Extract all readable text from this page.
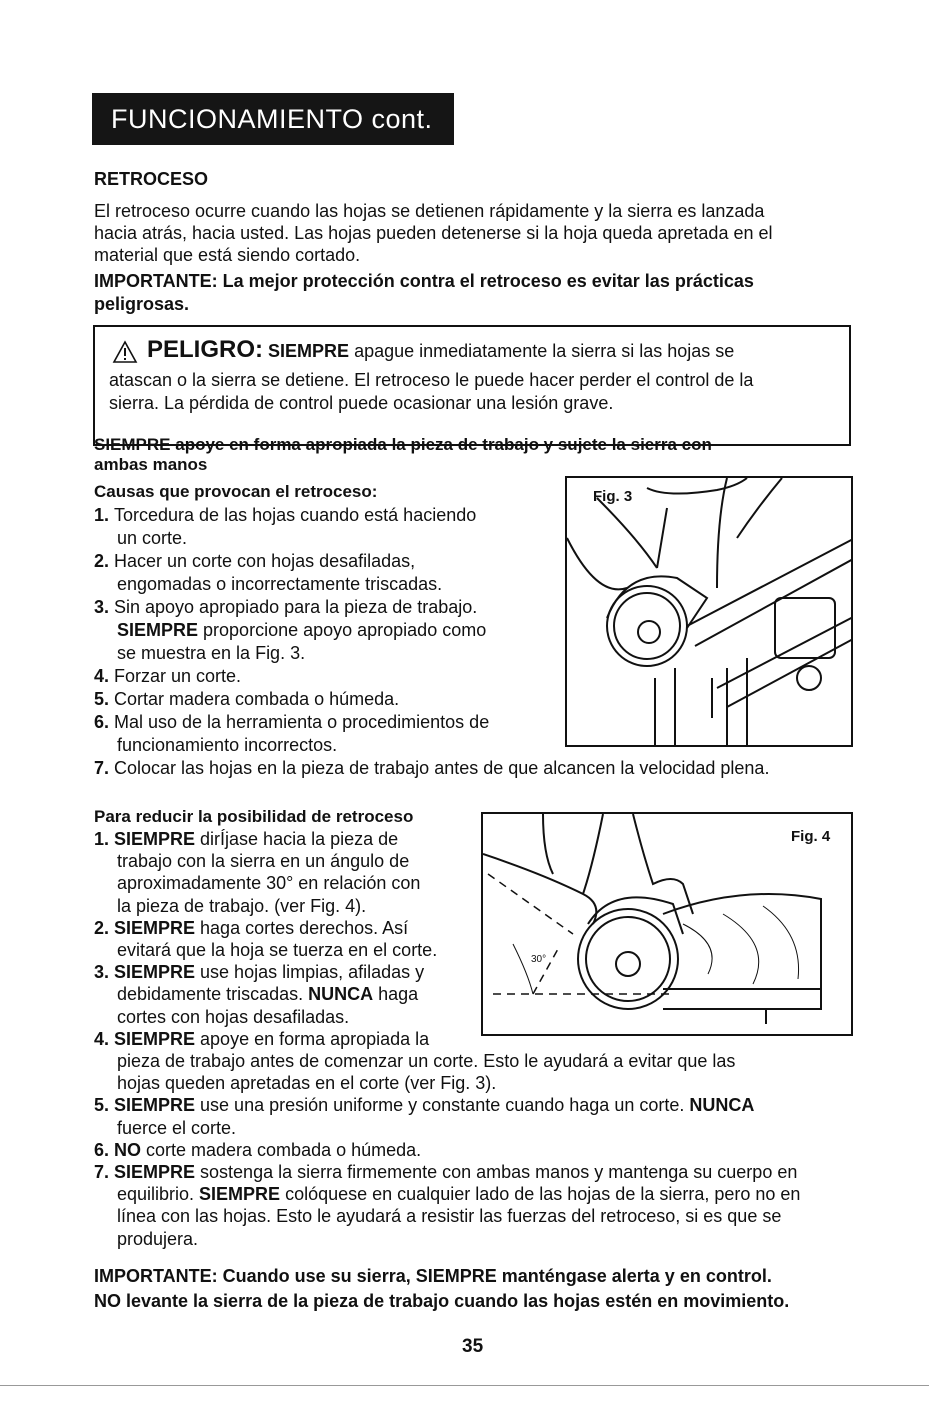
FUNCIONAMIENTO cont.
RETROCESO
El retroceso ocurre cuando las hojas se detienen rápidamente y la sierra es lanzada
hacia atrás, hacia usted. Las hojas pueden detenerse si la hoja queda apretada en el
material que está siendo cortado.
IMPORTANTE: La mejor protección contra el retroceso es evitar las prácticas
peligrosas.
PELIGRO: SIEMPRE apague inmediatamente la sierra si las hojas se
atascan o la sierra se detiene. El retroceso le puede hacer perder el control de la
sierra. La pérdida de control puede ocasionar una lesión grave.
SIEMPRE apoye en forma apropiada la pieza de trabajo y sujete la sierra con
ambas manos
Causas que provocan el retroceso:
1. Torcedura de las hojas cuando está haciendo
un corte.
2. Hacer un corte con hojas desafiladas,
engomadas o incorrectamente triscadas.
3. Sin apoyo apropiado para la pieza de trabajo.
SIEMPRE proporcione apoyo apropiado como
se muestra en la Fig. 3.
4. Forzar un corte.
5. Cortar madera combada o húmeda.
6. Mal uso de la herramienta o procedimientos de
funcionamiento incorrectos.
7. Colocar las hojas en la pieza de trabajo antes de que alcancen la velocidad plena.
Fig. 3
Para reducir la posibilidad de retroceso
1. SIEMPRE dirÍjase hacia la pieza de
trabajo con la sierra en un ángulo de
aproximadamente 30° en relación con
la pieza de trabajo. (ver Fig. 4).
2. SIEMPRE haga cortes derechos. Así
evitará que la hoja se tuerza en el corte.
3. SIEMPRE use hojas limpias, afiladas y
debidamente triscadas. NUNCA haga
cortes con hojas desafiladas.
4. SIEMPRE apoye en forma apropiada la
pieza de trabajo antes de comenzar un corte. Esto le ayudará a evitar que las
hojas queden apretadas en el corte (ver Fig. 3).
5. SIEMPRE use una presión uniforme y constante cuando haga un corte. NUNCA
fuerce el corte.
6. NO corte madera combada o húmeda.
7. SIEMPRE sostenga la sierra firmemente con ambas manos y mantenga su cuerpo en
equilibrio. SIEMPRE colóquese en cualquier lado de las hojas de la sierra, pero no en
línea con las hojas. Esto le ayudará a resistir las fuerzas del retroceso, si es que se
produjera.
Fig. 4
30°
IMPORTANTE: Cuando use su sierra, SIEMPRE manténgase alerta y en control.
NO levante la sierra de la pieza de trabajo cuando las hojas estén en movimiento.
35
